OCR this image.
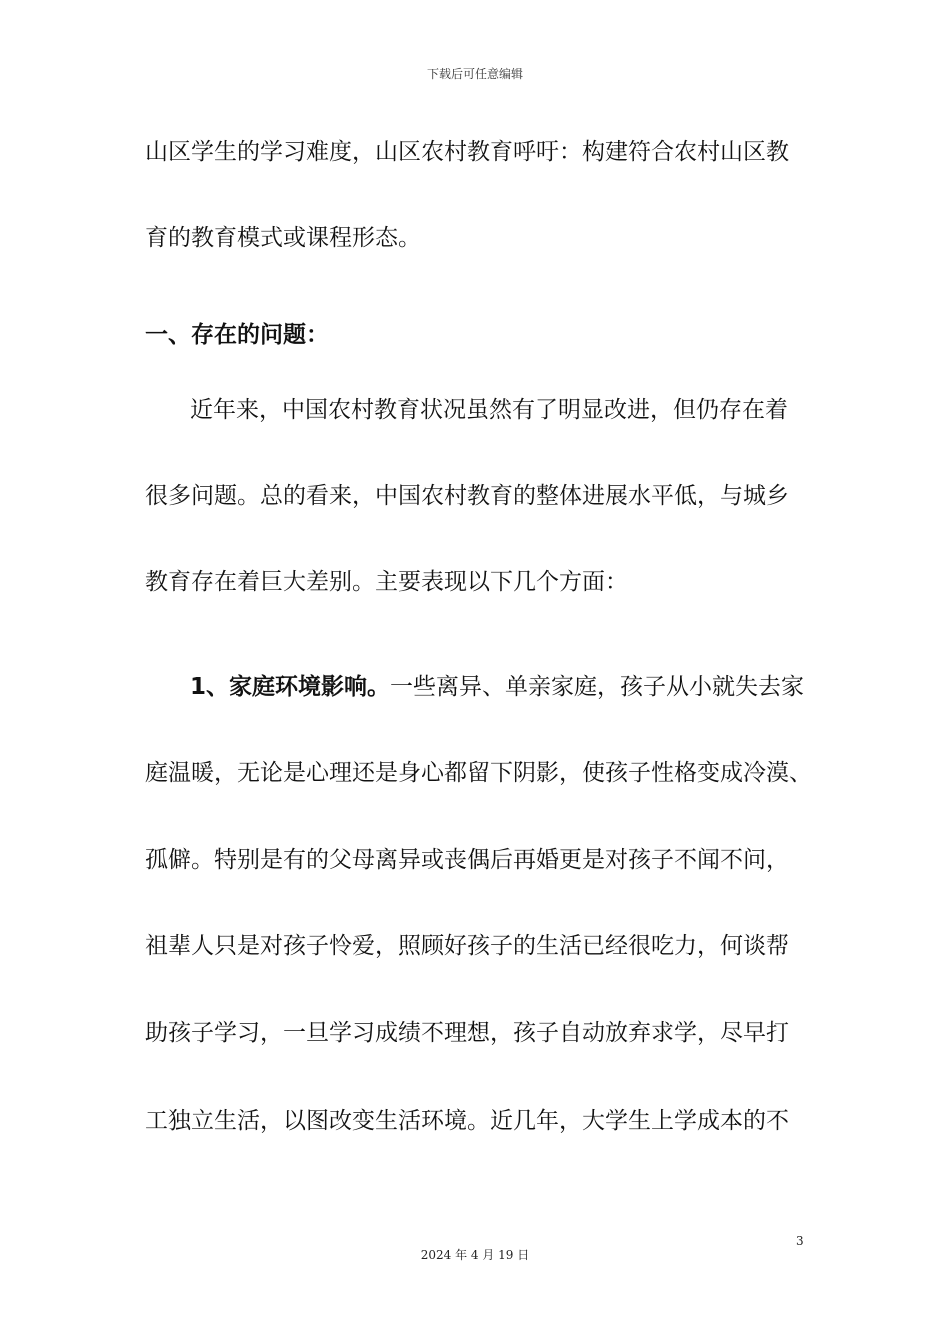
下载后可任意编辑
山区学生的学习难度，山区农村教育呼吁：构建符合农村山区教
育的教育模式或课程形态。
一、存在的问题：
近年来，中国农村教育状况虽然有了明显改进，但仍存在着
很多问题。总的看来，中国农村教育的整体进展水平低，与城乡
教育存在着巨大差别。主要表现以下几个方面：
1、家庭环境影响。一些离异、单亲家庭，孩子从小就失去家
庭温暖，无论是心理还是身心都留下阴影，使孩子性格变成冷漠、
孤僻。特别是有的父母离异或丧偶后再婚更是对孩子不闻不问，
祖辈人只是对孩子怜爱，照顾好孩子的生活已经很吃力，何谈帮
助孩子学习，一旦学习成绩不理想，孩子自动放弃求学，尽早打
工独立生活，以图改变生活环境。近几年，大学生上学成本的不
3
2024 年 4 月 19 日
